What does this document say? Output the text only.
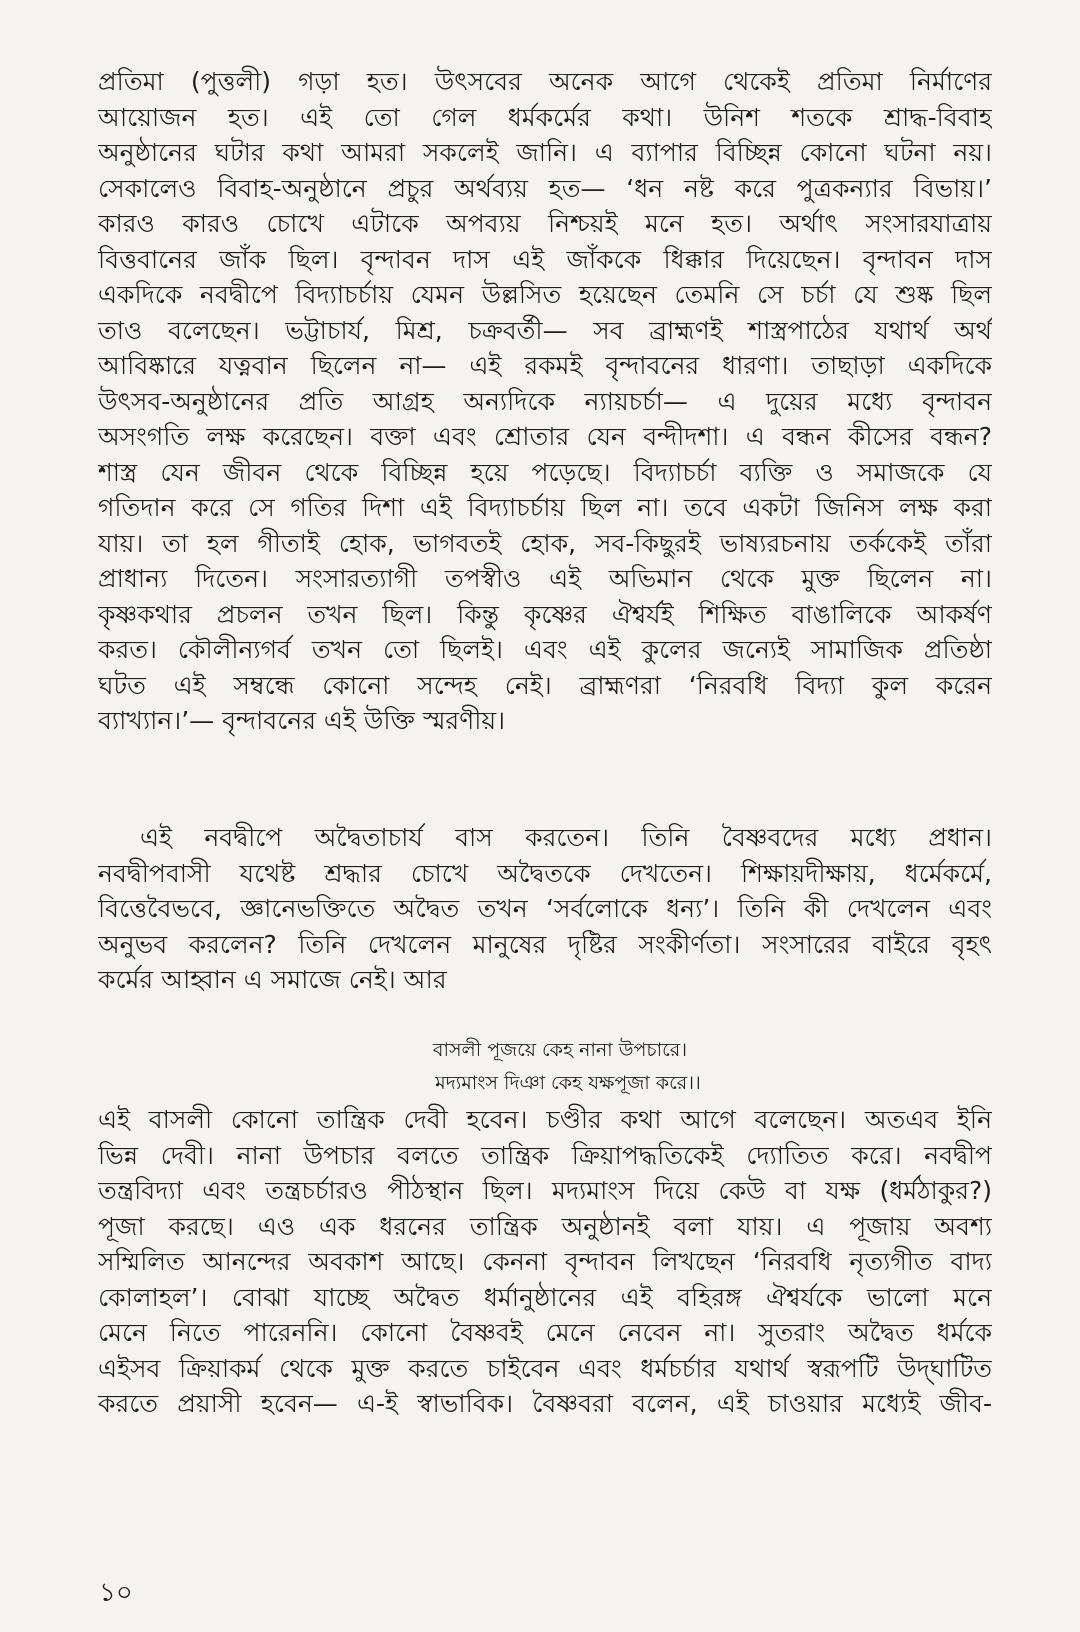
প্রতিমা (পুত্তলী) গড়া হত। উৎসবের অনেক আগে থেকেই প্রতিমা নির্মাণের
আয়োজন হত। এই তো গেল ধর্মকর্মের কথা। উনিশ শতকে শ্রাদ্ধ-বিবাহ
অনুষ্ঠানের ঘটার কথা আমরা সকলেই জানি। এ ব্যাপার বিচ্ছিন্ন কোনো ঘটনা নয়।
সেকালেও বিবাহ-অনুষ্ঠানে প্রচুর অর্থব্যয় হত— ‘ধন নষ্ট করে পুত্রকন্যার বিভায়।’
কারও কারও চোখে এটাকে অপব্যয় নিশ্চয়ই মনে হত। অর্থাৎ সংসারযাত্রায়
বিত্তবানের জাঁক ছিল। বৃন্দাবন দাস এই জাঁককে ধিক্কার দিয়েছেন। বৃন্দাবন দাস
একদিকে নবদ্বীপে বিদ্যাচর্চায় যেমন উল্লসিত হয়েছেন তেমনি সে চর্চা যে শুষ্ক ছিল
তাও বলেছেন। ভট্টাচার্য, মিশ্র, চক্রবর্তী— সব ব্রাহ্মণই শাস্ত্রপাঠের যথার্থ অর্থ
আবিষ্কারে যত্নবান ছিলেন না— এই রকমই বৃন্দাবনের ধারণা। তাছাড়া একদিকে
উৎসব-অনুষ্ঠানের প্রতি আগ্রহ অন্যদিকে ন্যায়চর্চা— এ দুয়ের মধ্যে বৃন্দাবন
অসংগতি লক্ষ করেছেন। বক্তা এবং শ্রোতার যেন বন্দীদশা। এ বন্ধন কীসের বন্ধন?
শাস্ত্র যেন জীবন থেকে বিচ্ছিন্ন হয়ে পড়েছে। বিদ্যাচর্চা ব্যক্তি ও সমাজকে যে
গতিদান করে সে গতির দিশা এই বিদ্যাচর্চায় ছিল না। তবে একটা জিনিস লক্ষ করা
যায়। তা হল গীতাই হোক, ভাগবতই হোক, সব-কিছুরই ভাষ্যরচনায় তর্ককেই তাঁরা
প্রাধান্য দিতেন। সংসারত্যাগী তপস্বীও এই অভিমান থেকে মুক্ত ছিলেন না।
কৃষ্ণকথার প্রচলন তখন ছিল। কিন্তু কৃষ্ণের ঐশ্বর্যই শিক্ষিত বাঙালিকে আকর্ষণ
করত। কৌলীন্যগর্ব তখন তো ছিলই। এবং এই কুলের জন্যেই সামাজিক প্রতিষ্ঠা
ঘটত এই সম্বন্ধে কোনো সন্দেহ নেই। ব্রাহ্মণরা ‘নিরবধি বিদ্যা কুল করেন
ব্যাখ্যান।’— বৃন্দাবনের এই উক্তি স্মরণীয়।
এই নবদ্বীপে অদ্বৈতাচার্য বাস করতেন। তিনি বৈষ্ণবদের মধ্যে প্রধান।
নবদ্বীপবাসী যথেষ্ট শ্রদ্ধার চোখে অদ্বৈতকে দেখতেন। শিক্ষায়দীক্ষায়, ধর্মেকর্মে,
বিত্তেবৈভবে, জ্ঞানেভক্তিতে অদ্বৈত তখন ‘সর্বলোকে ধন্য’। তিনি কী দেখলেন এবং
অনুভব করলেন? তিনি দেখলেন মানুষের দৃষ্টির সংকীর্ণতা। সংসারের বাইরে বৃহৎ
কর্মের আহ্বান এ সমাজে নেই। আর
বাসলী পূজয়ে কেহ নানা উপচারে।
মদ্যমাংস দিঞা কেহ যক্ষপূজা করে।।
এই বাসলী কোনো তান্ত্রিক দেবী হবেন। চণ্ডীর কথা আগে বলেছেন। অতএব ইনি
ভিন্ন দেবী। নানা উপচার বলতে তান্ত্রিক ক্রিয়াপদ্ধতিকেই দ্যোতিত করে। নবদ্বীপ
তন্ত্রবিদ্যা এবং তন্ত্রচর্চারও পীঠস্থান ছিল। মদ্যমাংস দিয়ে কেউ বা যক্ষ (ধর্মঠাকুর?)
পূজা করছে। এও এক ধরনের তান্ত্রিক অনুষ্ঠানই বলা যায়। এ পূজায় অবশ্য
সম্মিলিত আনন্দের অবকাশ আছে। কেননা বৃন্দাবন লিখছেন ‘নিরবধি নৃত্যগীত বাদ্য
কোলাহল’। বোঝা যাচ্ছে অদ্বৈত ধর্মানুষ্ঠানের এই বহিরঙ্গ ঐশ্বর্যকে ভালো মনে
মেনে নিতে পারেননি। কোনো বৈষ্ণবই মেনে নেবেন না। সুতরাং অদ্বৈত ধর্মকে
এইসব ক্রিয়াকর্ম থেকে মুক্ত করতে চাইবেন এবং ধর্মচর্চার যথার্থ স্বরূপটি উদ্‌ঘাটিত
করতে প্রয়াসী হবেন— এ-ই স্বাভাবিক। বৈষ্ণবরা বলেন, এই চাওয়ার মধ্যেই জীব-
১০
